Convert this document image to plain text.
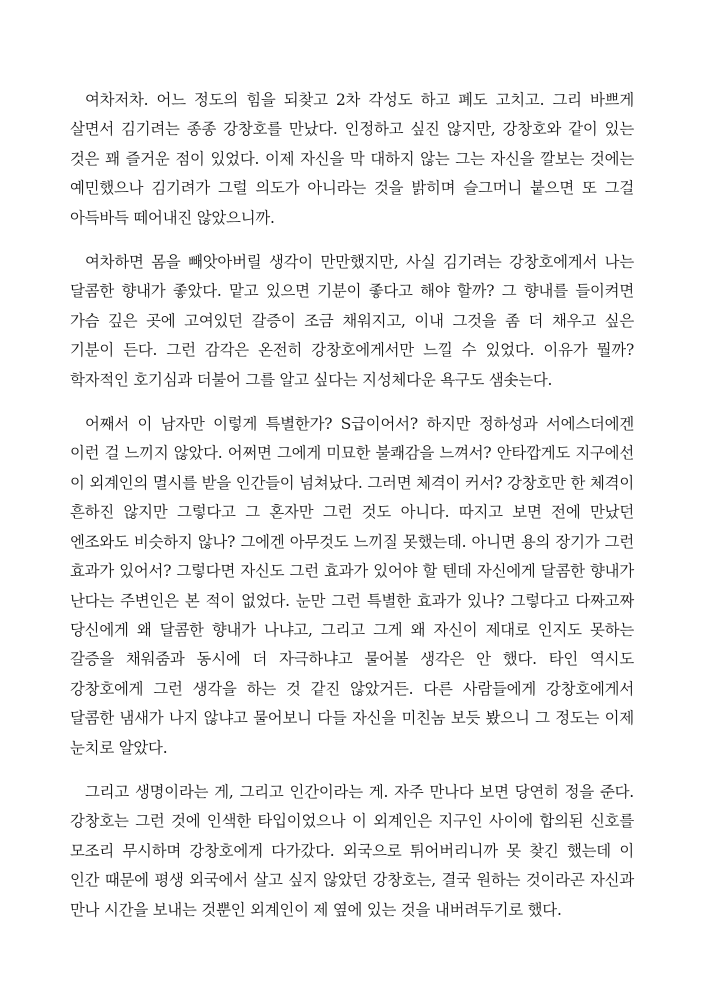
여차저차. 어느 정도의 힘을 되찾고 2차 각성도 하고 폐도 고치고. 그리 바쁘게 살면서 김기려는 종종 강창호를 만났다. 인정하고 싶진 않지만, 강창호와 같이 있는 것은 꽤 즐거운 점이 있었다. 이제 자신을 막 대하지 않는 그는 자신을 깔보는 것에는 예민했으나 김기려가 그럴 의도가 아니라는 것을 밝히며 슬그머니 붙으면 또 그걸 아득바득 떼어내진 않았으니까.

여차하면 몸을 빼앗아버릴 생각이 만만했지만, 사실 김기려는 강창호에게서 나는 달콤한 향내가 좋았다. 맡고 있으면 기분이 좋다고 해야 할까? 그 향내를 들이켜면 가슴 깊은 곳에 고여있던 갈증이 조금 채워지고, 이내 그것을 좀 더 채우고 싶은 기분이 든다. 그런 감각은 온전히 강창호에게서만 느낄 수 있었다. 이유가 뭘까? 학자적인 호기심과 더불어 그를 알고 싶다는 지성체다운 욕구도 샘솟는다.

어째서 이 남자만 이렇게 특별한가? S급이어서? 하지만 정하성과 서에스더에겐 이런 걸 느끼지 않았다. 어쩌면 그에게 미묘한 불쾌감을 느껴서? 안타깝게도 지구에선 이 외계인의 멸시를 받을 인간들이 넘쳐났다. 그러면 체격이 커서? 강창호만 한 체격이 흔하진 않지만 그렇다고 그 혼자만 그런 것도 아니다. 따지고 보면 전에 만났던 엔조와도 비슷하지 않나? 그에겐 아무것도 느끼질 못했는데. 아니면 용의 장기가 그런 효과가 있어서? 그렇다면 자신도 그런 효과가 있어야 할 텐데 자신에게 달콤한 향내가 난다는 주변인은 본 적이 없었다. 눈만 그런 특별한 효과가 있나? 그렇다고 다짜고짜 당신에게 왜 달콤한 향내가 나냐고, 그리고 그게 왜 자신이 제대로 인지도 못하는 갈증을 채워줌과 동시에 더 자극하냐고 물어볼 생각은 안 했다. 타인 역시도 강창호에게 그런 생각을 하는 것 같진 않았거든. 다른 사람들에게 강창호에게서 달콤한 냄새가 나지 않냐고 물어보니 다들 자신을 미친놈 보듯 봤으니 그 정도는 이제 눈치로 알았다.

그리고 생명이라는 게, 그리고 인간이라는 게. 자주 만나다 보면 당연히 정을 준다. 강창호는 그런 것에 인색한 타입이었으나 이 외계인은 지구인 사이에 합의된 신호를 모조리 무시하며 강창호에게 다가갔다. 외국으로 튀어버리니까 못 찾긴 했는데 이 인간 때문에 평생 외국에서 살고 싶지 않았던 강창호는, 결국 원하는 것이라곤 자신과 만나 시간을 보내는 것뿐인 외계인이 제 옆에 있는 것을 내버려두기로 했다.
